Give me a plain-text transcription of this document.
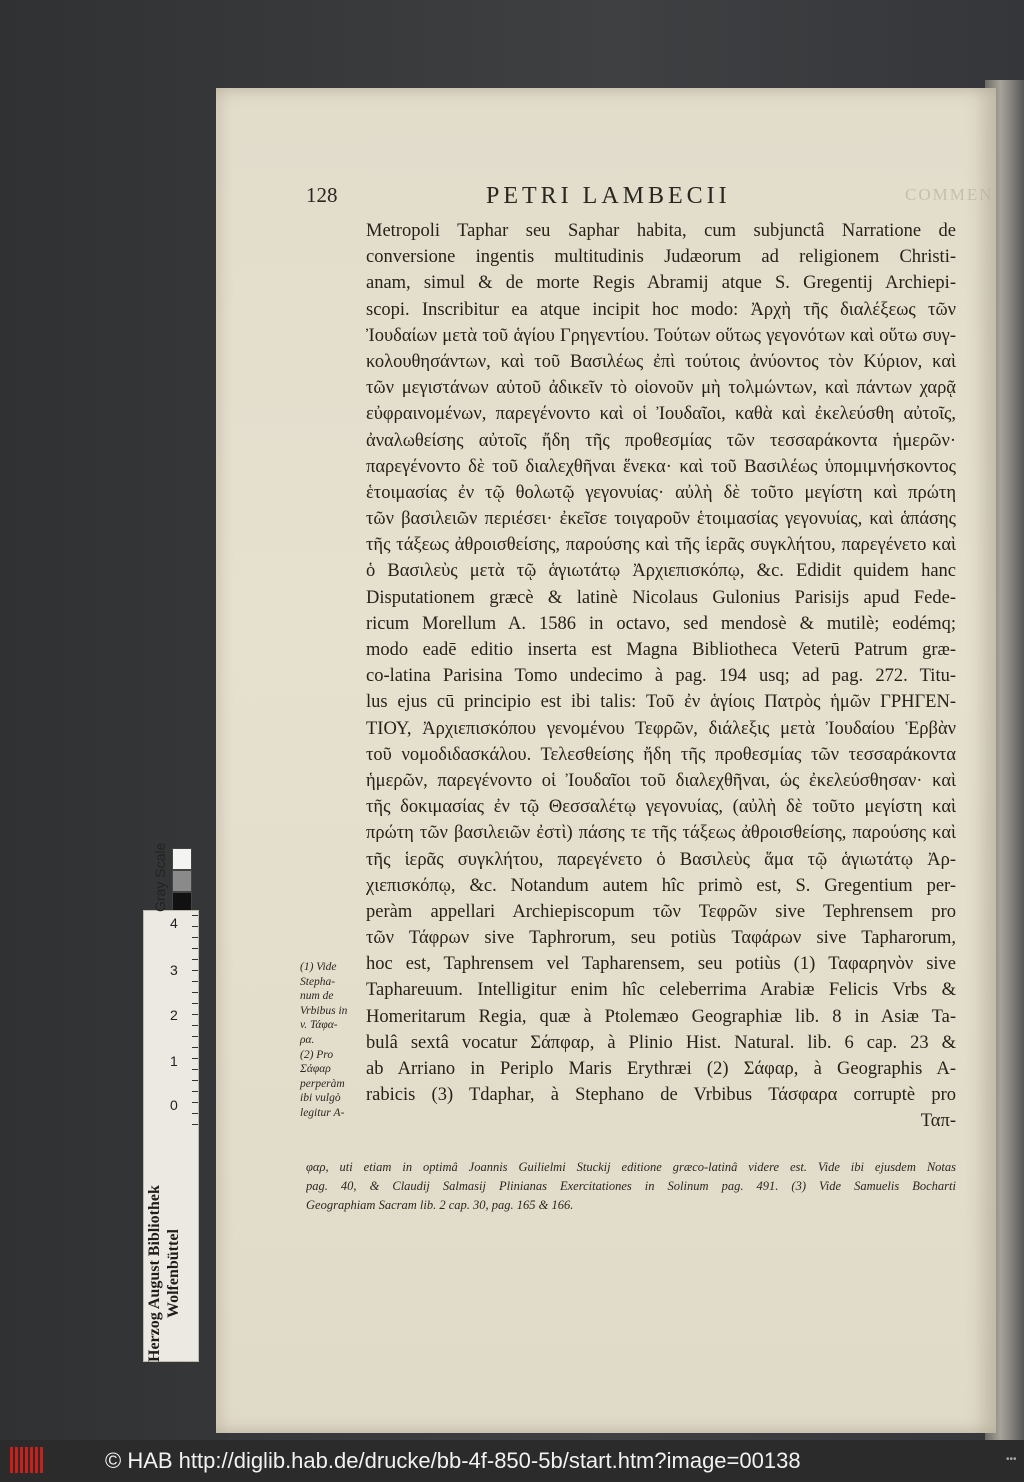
128	PETRI LAMBECII	COMMEN
Metropoli Taphar seu Saphar habita, cum subjunctâ Narratione de
conversione ingentis multitudinis Judæorum ad religionem Christi-
anam, simul & de morte Regis Abramij atque S. Gregentij Archiepi-
scopi. Inscribitur ea atque incipit hoc modo: Ἀρχὴ τῆς διαλέξεως τῶν
Ἰουδαίων μετὰ τοῦ ἁγίου Γρηγεντίου. Τούτων οὕτως γεγονότων καὶ οὕτω συγ-
κολουθησάντων, καὶ τοῦ Βασιλέως ἐπὶ τούτοις ἀνύοντος τὸν Κύριον, καὶ
τῶν μεγιστάνων αὐτοῦ ἀδικεῖν τὸ οἱονοῦν μὴ τολμώντων, καὶ πάντων χαρᾷ
εὐφραινομένων, παρεγένοντο καὶ οἱ Ἰουδαῖοι, καθὰ καὶ ἐκελεύσθη αὐτοῖς,
ἀναλωθείσης αὐτοῖς ἤδη τῆς προθεσμίας τῶν τεσσαράκοντα ἡμερῶν·
παρεγένοντο δὲ τοῦ διαλεχθῆναι ἕνεκα· καὶ τοῦ Βασιλέως ὑπομιμνήσκοντος
ἑτοιμασίας ἐν τῷ θολωτῷ γεγονυίας· αὐλὴ δὲ τοῦτο μεγίστη καὶ πρώτη
τῶν βασιλειῶν περιέσει· ἐκεῖσε τοιγαροῦν ἑτοιμασίας γεγονυίας, καὶ ἁπάσης
τῆς τάξεως ἀθροισθείσης, παρούσης καὶ τῆς ἱερᾶς συγκλήτου, παρεγένετο καὶ
ὁ Βασιλεὺς μετὰ τῷ ἁγιωτάτῳ Ἀρχιεπισκόπῳ, &c. Edidit quidem hanc
Disputationem græcè & latinè Nicolaus Gulonius Parisijs apud Fede-
ricum Morellum A. 1586 in octavo, sed mendosè & mutilè; eodémq;
modo eadē editio inserta est Magna Bibliotheca Veterū Patrum græ-
co-latina Parisina Tomo undecimo à pag. 194 usq; ad pag. 272. Titu-
lus ejus cū principio est ibi talis: Τοῦ ἐν ἁγίοις Πατρὸς ἡμῶν ΓΡΗΓΕΝ-
ΤΙΟΥ, Ἀρχιεπισκόπου γενομένου Τεφρῶν, διάλεξις μετὰ Ἰουδαίου Ἑρβὰν
τοῦ νομοδιδασκάλου. Τελεσθείσης ἤδη τῆς προθεσμίας τῶν τεσσαράκοντα
ἡμερῶν, παρεγένοντο οἱ Ἰουδαῖοι τοῦ διαλεχθῆναι, ὡς ἐκελεύσθησαν· καὶ
τῆς δοκιμασίας ἐν τῷ Θεσσαλέτῳ γεγονυίας, (αὐλὴ δὲ τοῦτο μεγίστη καὶ
πρώτη τῶν βασιλειῶν ἐστὶ) πάσης τε τῆς τάξεως ἀθροισθείσης, παρούσης καὶ
τῆς ἱερᾶς συγκλήτου, παρεγένετο ὁ Βασιλεὺς ἅμα τῷ ἁγιωτάτῳ Ἀρ-
χιεπισκόπῳ, &c. Notandum autem hîc primò est, S. Gregentium per-
peràm appellari Archiepiscopum τῶν Τεφρῶν sive Tephrensem pro
τῶν Τάφρων sive Taphrorum, seu potiùs Ταφάρων sive Tapharorum,
hoc est, Taphrensem vel Tapharensem, seu potiùs (1) Ταφαρηνὸν sive
Taphareuum. Intelligitur enim hîc celeberrima Arabiæ Felicis Vrbs &
Homeritarum Regia, quæ à Ptolemæo Geographiæ lib. 8 in Asiæ Ta-
bulâ sextâ vocatur Σάπφαρ, à Plinio Hist. Natural. lib. 6 cap. 23 &
ab Arriano in Periplo Maris Erythræi (2) Σάφαρ, à Geographis A-
rabicis (3) Tdaphar, à Stephano de Vrbibus Τάσφαρα corruptè pro
Ταπ-
(1) Vide
Stepha-
num de
Vrbibus in
v. Τάφα-
ρα.
(2) Pro
Σάφαρ
perperàm
ibi vulgò
legitur Α-
φαρ, uti etiam in optimâ Joannis Guilielmi Stuckij editione græco-latinâ videre est. Vide ibi ejusdem Notas
pag. 40, & Claudij Salmasij Plinianas Exercitationes in Solinum pag. 491. (3) Vide Samuelis Bocharti
Geographiam Sacram lib. 2 cap. 30, pag. 165 & 166.
Gray Scale
4
3
2
1
0
Herzog August Bibliothek Wolfenbüttel
© HAB http://diglib.hab.de/drucke/bb-4f-850-5b/start.htm?image=00138	•••
